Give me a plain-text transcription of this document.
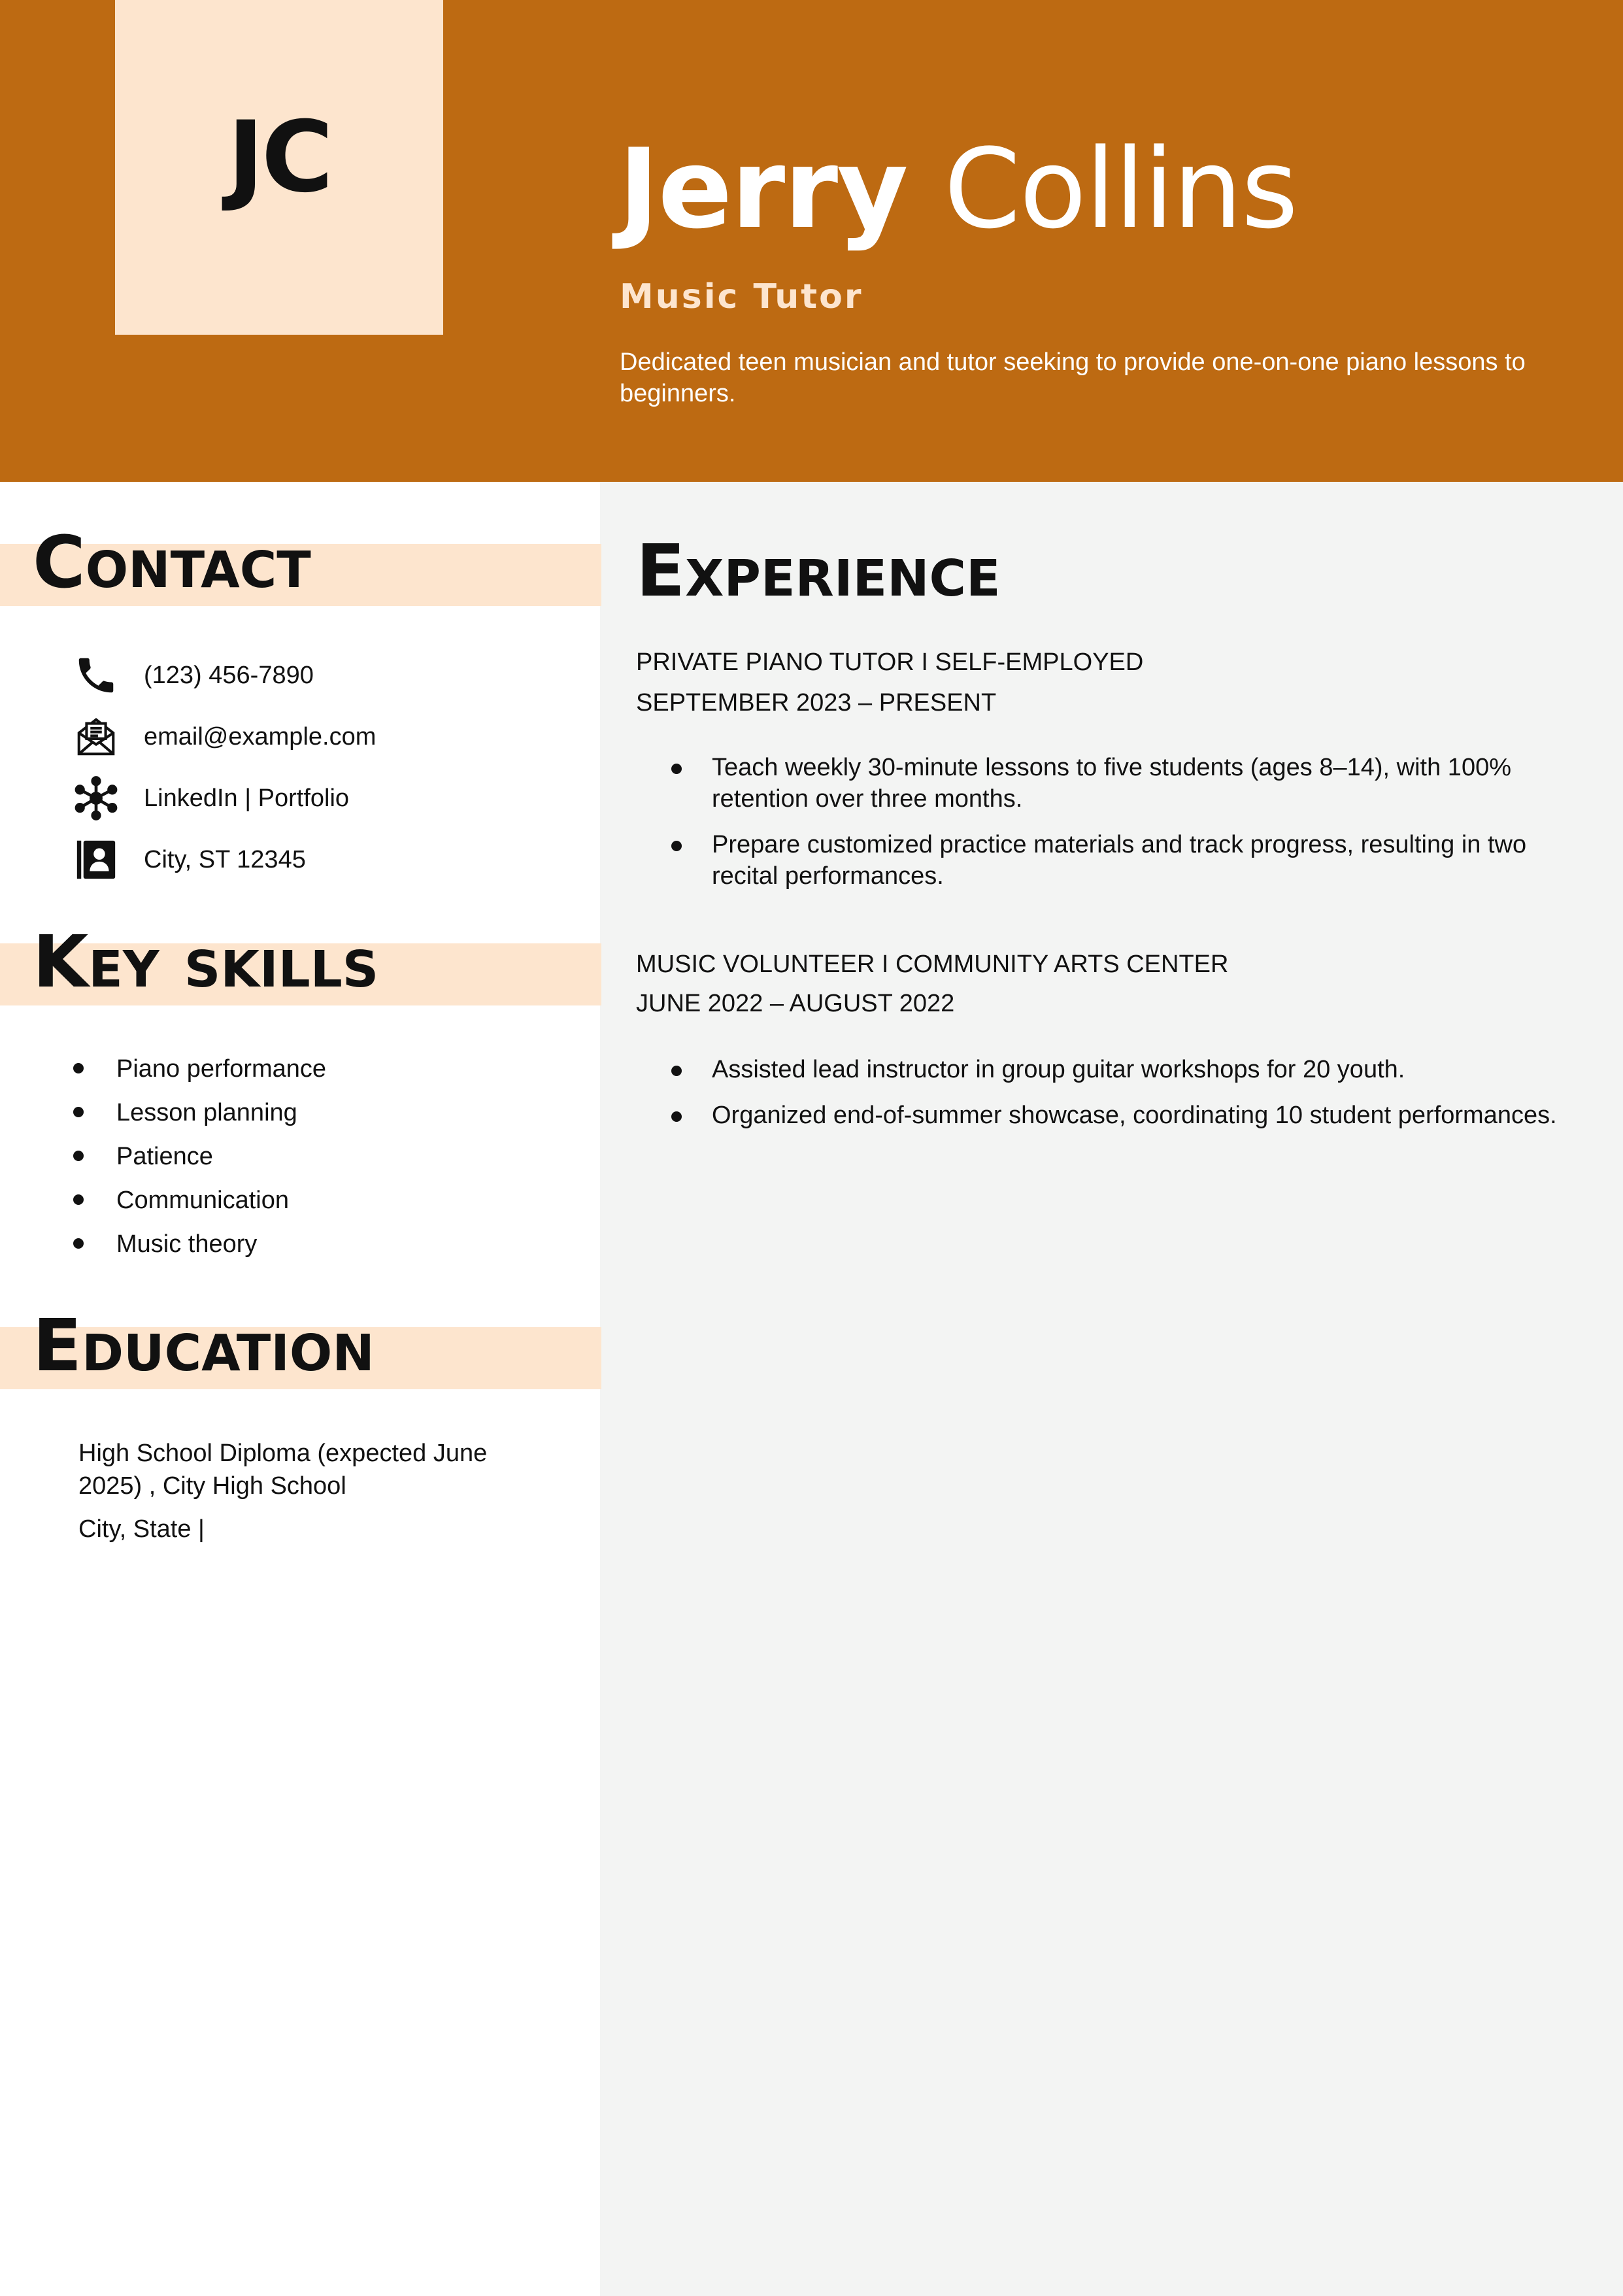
JC	Jerry Collins
Music Tutor
Dedicated teen musician and tutor seeking to provide one-on-one piano lessons to beginners.
Contact
(123) 456-7890
email@example.com
LinkedIn | Portfolio
City, ST 12345
Key skills
Piano performance
Lesson planning
Patience
Communication
Music theory
Education
High School Diploma (expected June 2025) , City High School
City, State |
Experience
PRIVATE PIANO TUTOR I SELF-EMPLOYED
SEPTEMBER 2023 – PRESENT
Teach weekly 30-minute lessons to five students (ages 8–14), with 100% retention over three months.
Prepare customized practice materials and track progress, resulting in two recital performances.
MUSIC VOLUNTEER I COMMUNITY ARTS CENTER
JUNE 2022 – AUGUST 2022
Assisted lead instructor in group guitar workshops for 20 youth.
Organized end-of-summer showcase, coordinating 10 student performances.
